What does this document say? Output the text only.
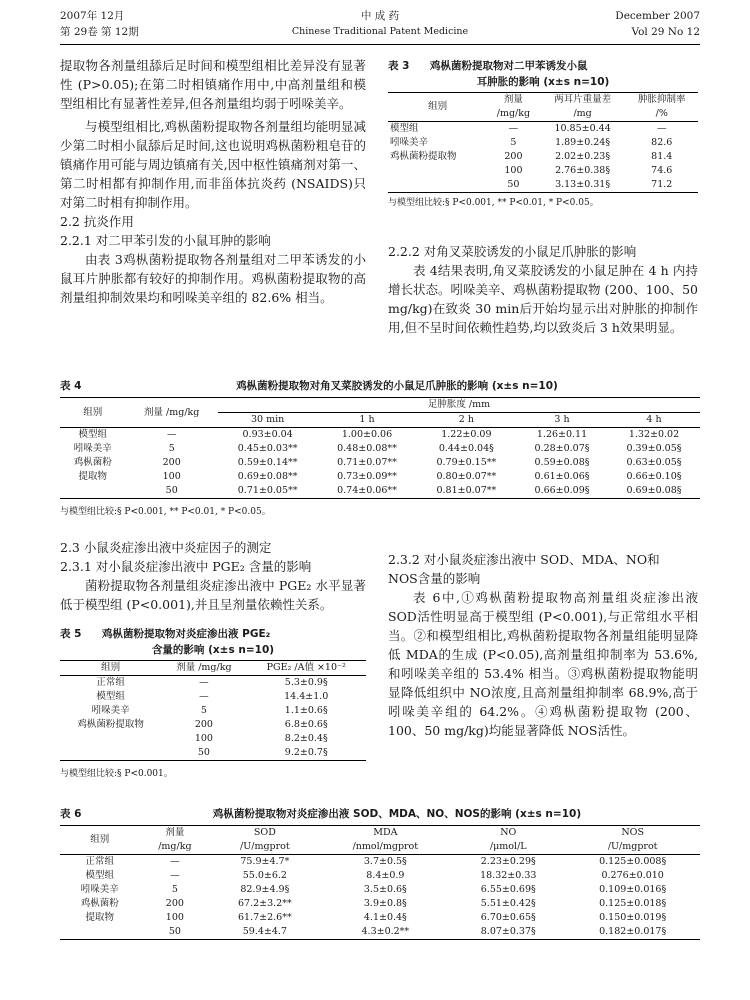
2007年 12月
第 29卷 第 12期
中 成 药
Chinese Traditional Patent Medicine
December 2007
Vol 29 No 12

提取物各剂量组舔后足时间和模型组相比差异没有显著性 (P>0.05);在第二时相镇痛作用中,中高剂量组和模型组相比有显著性差异,但各剂量组均弱于吲哚美辛。

与模型组相比,鸡枞菌粉提取物各剂量组均能明显减少第二时相小鼠舔后足时间,这也说明鸡枞菌粉粗皂苷的镇痛作用可能与周边镇痛有关,因中枢性镇痛剂对第一、第二时相都有抑制作用,而非甾体抗炎药 (NSAIDS)只对第二时相有抑制作用。

2.2 抗炎作用

2.2.1 对二甲苯引发的小鼠耳肿的影响

由表 3鸡枞菌粉提取物各剂量组对二甲苯诱发的小鼠耳片肿胀都有较好的抑制作用。鸡枞菌粉提取物的高剂量组抑制效果均和吲哚美辛组的 82.6% 相当。

表 3 鸡枞菌粉提取物对二甲苯诱发小鼠
耳肿胀的影响 (x±s n=10)
组别	剂量	两耳片重量差	肿胀抑制率
	/mg/kg	/mg	/%
模型组	—	10.85±0.44	—
吲哚美辛	5	1.89±0.24§	82.6
鸡枞菌粉提取物	200	2.02±0.23§	81.4
	100	2.76±0.38§	74.6
	50	3.13±0.31§	71.2
与模型组比较:§ P<0.001, ** P<0.01, * P<0.05。

2.2.2 对角叉菜胶诱发的小鼠足爪肿胀的影响

表 4结果表明,角叉菜胶诱发的小鼠足肿在 4 h 内持增长状态。吲哚美辛、鸡枞菌粉提取物 (200、100、50 mg/kg)在致炎 30 min后开始均显示出对肿胀的抑制作用,但不呈时间依赖性趋势,均以致炎后 3 h效果明显。

表 4	鸡枞菌粉提取物对角叉菜胶诱发的小鼠足爪肿胀的影响 (x±s n=10)
组别	剂量 /mg/kg	足肿胀度 /mm				
		30 min	1 h	2 h	3 h	4 h
模型组	—	0.93±0.04	1.00±0.06	1.22±0.09	1.26±0.11	1.32±0.02
吲哚美辛	5	0.45±0.03**	0.48±0.08**	0.44±0.04§	0.28±0.07§	0.39±0.05§
鸡枞菌粉	200	0.59±0.14**	0.71±0.07**	0.79±0.15**	0.59±0.08§	0.63±0.05§
提取物	100	0.69±0.08**	0.73±0.09**	0.80±0.07**	0.61±0.06§	0.66±0.10§
	50	0.71±0.05**	0.74±0.06**	0.81±0.07**	0.66±0.09§	0.69±0.08§
与模型组比较:§ P<0.001, ** P<0.01, * P<0.05。

2.3 小鼠炎症渗出液中炎症因子的测定

2.3.1 对小鼠炎症渗出液中 PGE₂ 含量的影响

菌粉提取物各剂量组炎症渗出液中 PGE₂ 水平显著低于模型组 (P<0.001),并且呈剂量依赖性关系。

表 5 鸡枞菌粉提取物对炎症渗出液 PGE₂
含量的影响 (x±s n=10)
组别	剂量 /mg/kg	PGE₂ /A值 ×10⁻²
正常组	—	5.3±0.9§
模型组	—	14.4±1.0
吲哚美辛	5	1.1±0.6§
鸡枞菌粉提取物	200	6.8±0.6§
	100	8.2±0.4§
	50	9.2±0.7§
与模型组比较:§ P<0.001。

2.3.2 对小鼠炎症渗出液中 SOD、MDA、NO和

NOS含量的影响

表 6中,①鸡枞菌粉提取物高剂量组炎症渗出液 SOD活性明显高于模型组 (P<0.001),与正常组水平相当。②和模型组相比,鸡枞菌粉提取物各剂量组能明显降低 MDA的生成 (P<0.05),高剂量组抑制率为 53.6%,和吲哚美辛组的 53.4% 相当。③鸡枞菌粉提取物能明显降低组织中 NO浓度,且高剂量组抑制率 68.9%,高于吲哚美辛组的 64.2%。④鸡枞菌粉提取物 (200、100、50 mg/kg)均能显著降低 NOS活性。

表 6	鸡枞菌粉提取物对炎症渗出液 SOD、MDA、NO、NOS的影响 (x±s n=10)
组别	剂量	SOD	MDA	NO	NOS
	/mg/kg	/U/mgprot	/nmol/mgprot	/μmol/L	/U/mgprot
正常组	—	75.9±4.7*	3.7±0.5§	2.23±0.29§	0.125±0.008§
模型组	—	55.0±6.2	8.4±0.9	18.32±0.33	0.276±0.010
吲哚美辛	5	82.9±4.9§	3.5±0.6§	6.55±0.69§	0.109±0.016§
鸡枞菌粉	200	67.2±3.2**	3.9±0.8§	5.51±0.42§	0.125±0.018§
提取物	100	61.7±2.6**	4.1±0.4§	6.70±0.65§	0.150±0.019§
	50	59.4±4.7	4.3±0.2**	8.07±0.37§	0.182±0.017§
